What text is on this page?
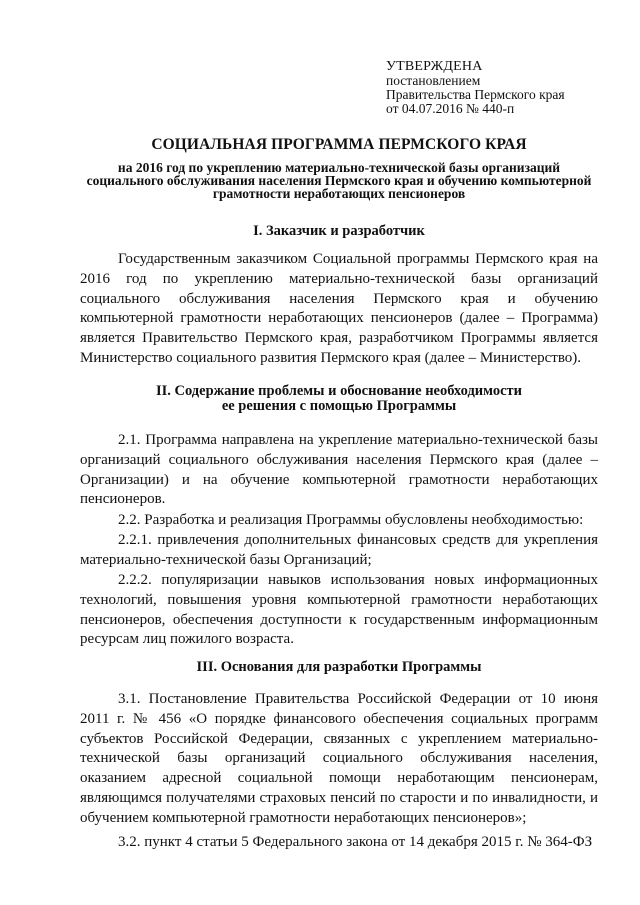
УТВЕРЖДЕНА
постановлением
Правительства Пермского края
от 04.07.2016 № 440-п
СОЦИАЛЬНАЯ ПРОГРАММА ПЕРМСКОГО КРАЯ
на 2016 год по укреплению материально-технической базы организаций социального обслуживания населения Пермского края и обучению компьютерной грамотности неработающих пенсионеров
I. Заказчик и разработчик
Государственным заказчиком Социальной программы Пермского края на 2016 год по укреплению материально-технической базы организаций социального обслуживания населения Пермского края и обучению компьютерной грамотности неработающих пенсионеров (далее – Программа) является Правительство Пермского края, разработчиком Программы является Министерство социального развития Пермского края (далее – Министерство).
II. Содержание проблемы и обоснование необходимости
ее решения с помощью Программы
2.1. Программа направлена на укрепление материально-технической базы организаций социального обслуживания населения Пермского края (далее – Организации) и на обучение компьютерной грамотности неработающих пенсионеров.
2.2. Разработка и реализация Программы обусловлены необходимостью:
2.2.1. привлечения дополнительных финансовых средств для укрепления материально-технической базы Организаций;
2.2.2. популяризации навыков использования новых информационных технологий, повышения уровня компьютерной грамотности неработающих пенсионеров, обеспечения доступности к государственным информационным ресурсам лиц пожилого возраста.
III. Основания для разработки Программы
3.1. Постановление Правительства Российской Федерации от 10 июня 2011 г. № 456 «О порядке финансового обеспечения социальных программ субъектов Российской Федерации, связанных с укреплением материально-технической базы организаций социального обслуживания населения, оказанием адресной социальной помощи неработающим пенсионерам, являющимся получателями страховых пенсий по старости и по инвалидности, и обучением компьютерной грамотности неработающих пенсионеров»;
3.2. пункт 4 статьи 5 Федерального закона от 14 декабря 2015 г. № 364-ФЗ
